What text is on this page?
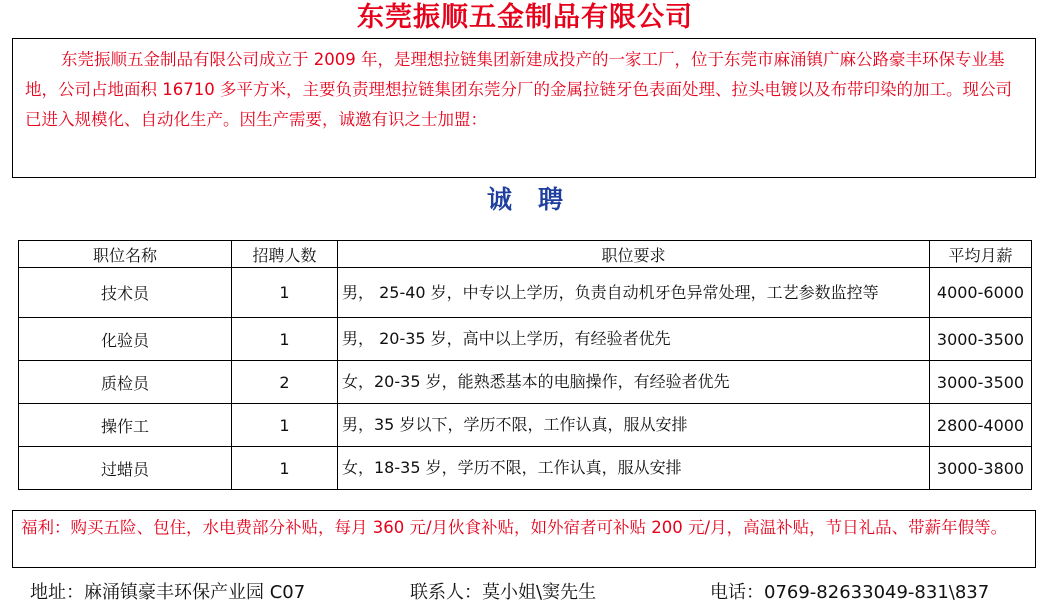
东莞振顺五金制品有限公司
东莞振顺五金制品有限公司成立于 2009 年，是理想拉链集团新建成投产的一家工厂，位于东莞市麻涌镇广麻公路豪丰环保专业基地，公司占地面积 16710 多平方米，主要负责理想拉链集团东莞分厂的金属拉链牙色表面处理、拉头电镀以及布带印染的加工。现公司已进入规模化、自动化生产。因生产需要，诚邀有识之士加盟：
诚聘
职位名称	招聘人数	职位要求	平均月薪
技术员	1	男， 25-40 岁，中专以上学历，负责自动机牙色异常处理，工艺参数监控等	4000-6000
化验员	1	男， 20-35 岁，高中以上学历，有经验者优先	3000-3500
质检员	2	女，20-35 岁，能熟悉基本的电脑操作，有经验者优先	3000-3500
操作工	1	男，35 岁以下，学历不限，工作认真，服从安排	2800-4000
过蜡员	1	女，18-35 岁，学历不限，工作认真，服从安排	3000-3800
福利：购买五险、包住，水电费部分补贴，每月 360 元/月伙食补贴，如外宿者可补贴 200 元/月，高温补贴，节日礼品、带薪年假等。
地址：麻涌镇豪丰环保产业园 C07	联系人：莫小姐\窦先生	电话：0769-82633049-831\837
